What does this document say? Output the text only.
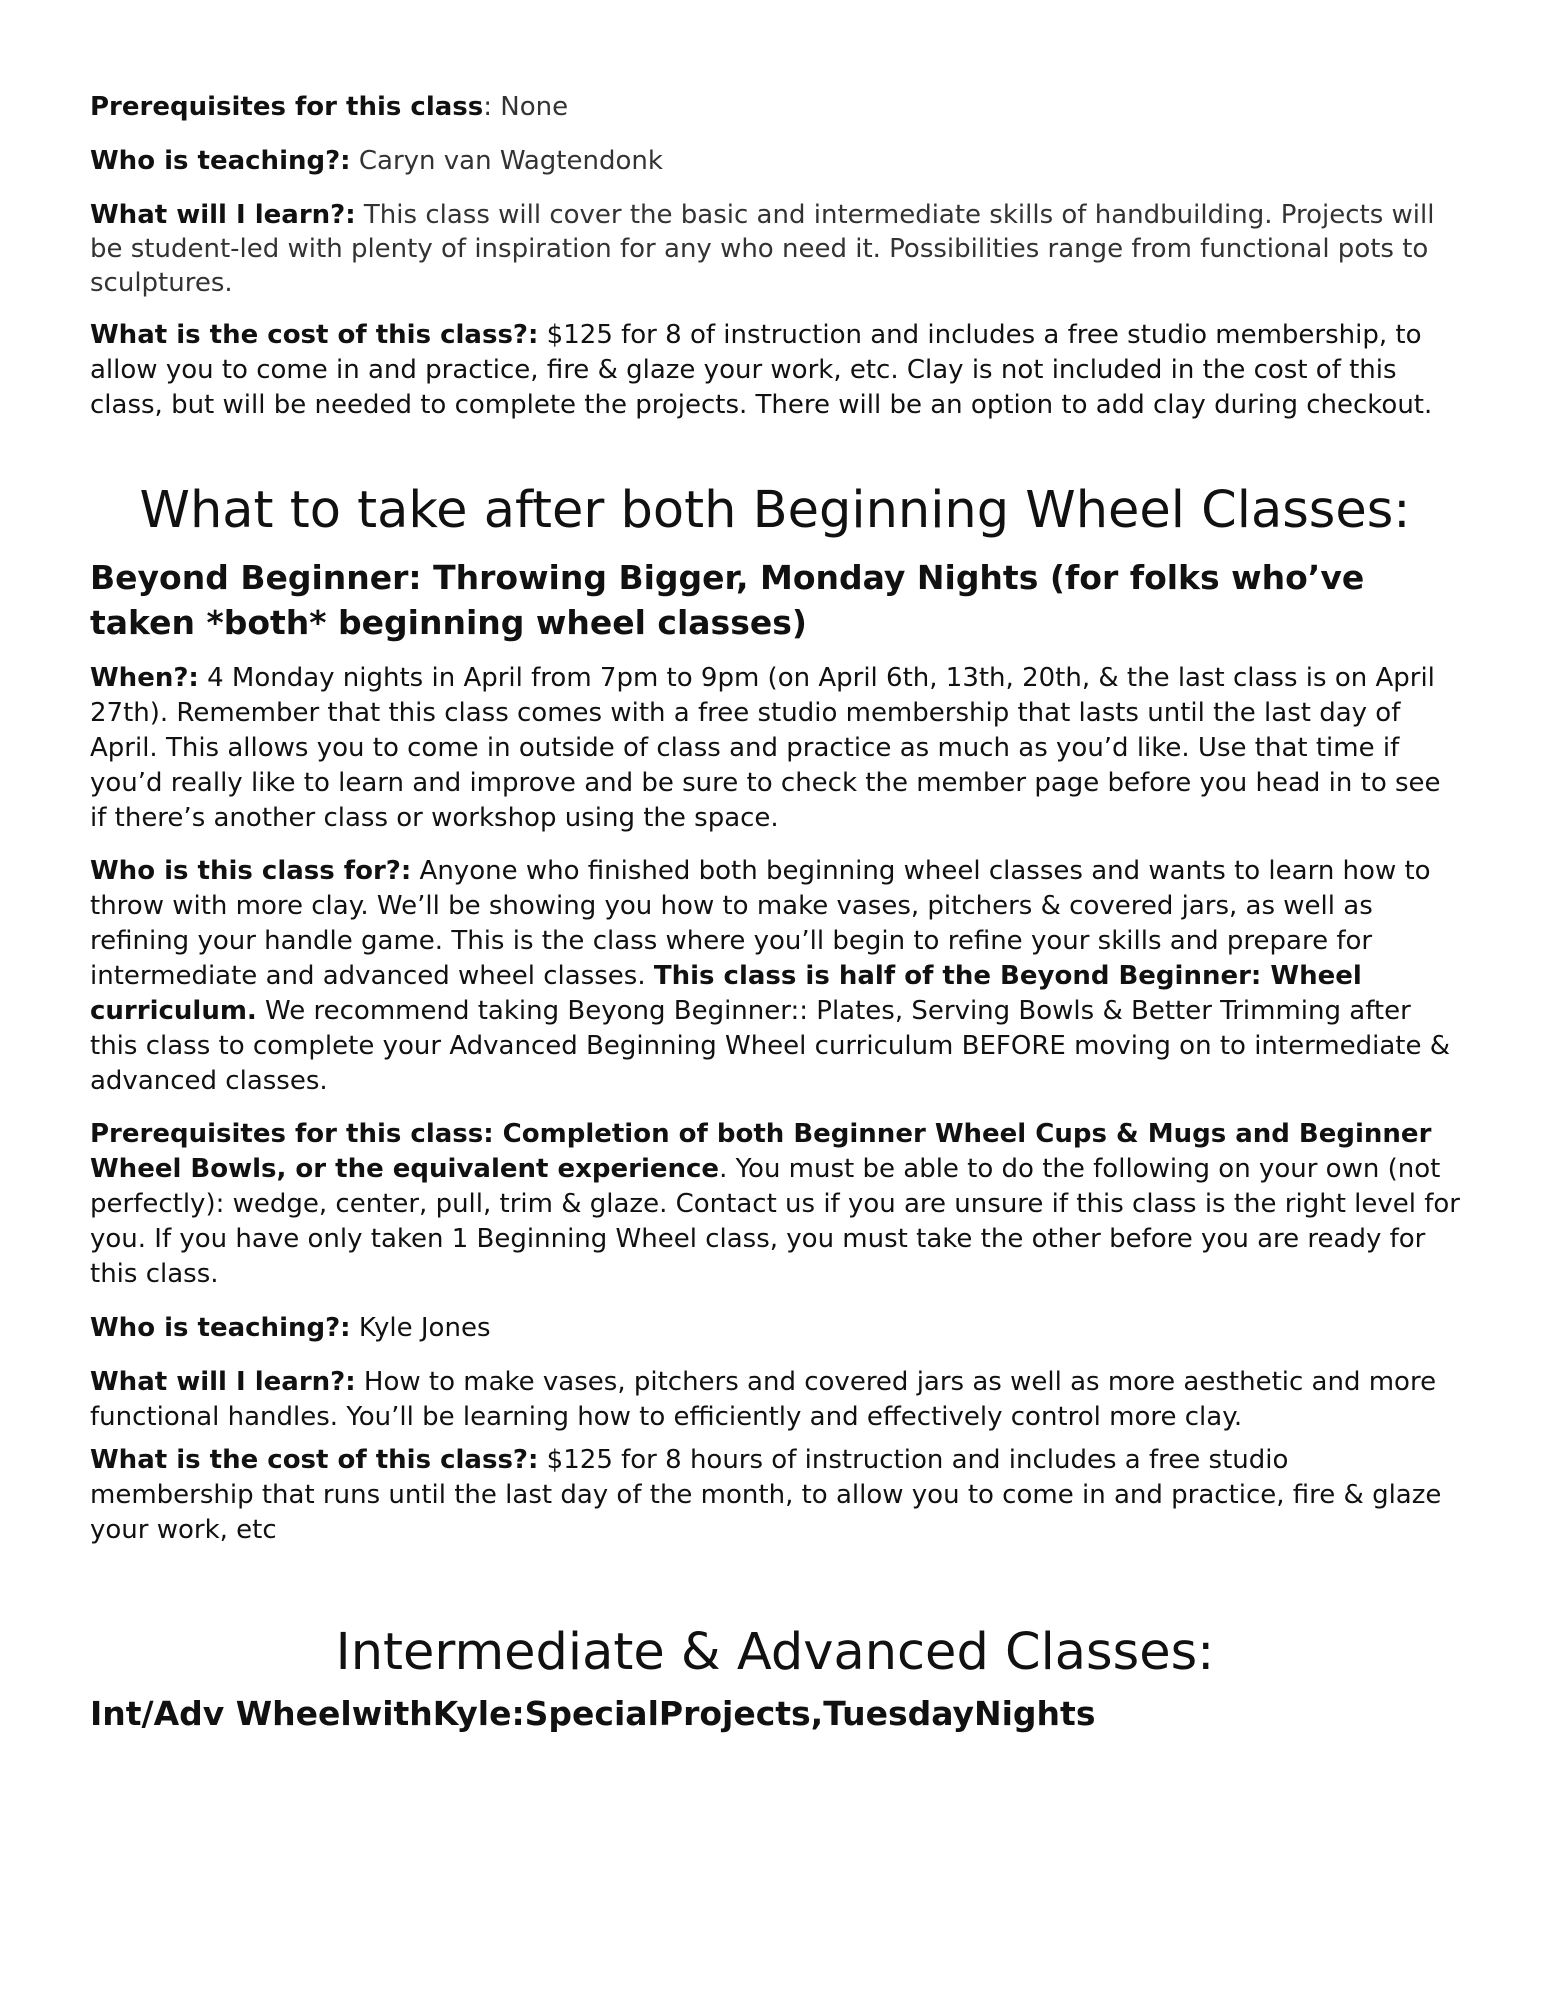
Prerequisites for this class: None

Who is teaching?: Caryn van Wagtendonk

What will I learn?: This class will cover the basic and intermediate skills of handbuilding. Projects will be student-led with plenty of inspiration for any who need it. Possibilities range from functional pots to sculptures.

What is the cost of this class?: $125 for 8 of instruction and includes a free studio membership, to allow you to come in and practice, fire & glaze your work, etc. Clay is not included in the cost of this class, but will be needed to complete the projects. There will be an option to add clay during checkout.

What to take after both Beginning Wheel Classes:
Beyond Beginner: Throwing Bigger, Monday Nights (for folks who’ve taken *both* beginning wheel classes)

When?: 4 Monday nights in April from 7pm to 9pm (on April 6th, 13th, 20th, & the last class is on April 27th). Remember that this class comes with a free studio membership that lasts until the last day of April. This allows you to come in outside of class and practice as much as you’d like. Use that time if you’d really like to learn and improve and be sure to check the member page before you head in to see if there’s another class or workshop using the space.

Who is this class for?: Anyone who finished both beginning wheel classes and wants to learn how to throw with more clay. We’ll be showing you how to make vases, pitchers & covered jars, as well as refining your handle game. This is the class where you’ll begin to refine your skills and prepare for intermediate and advanced wheel classes. This class is half of the Beyond Beginner: Wheel curriculum. We recommend taking Beyong Beginner:: Plates, Serving Bowls & Better Trimming after this class to complete your Advanced Beginning Wheel curriculum BEFORE moving on to intermediate & advanced classes.

Prerequisites for this class: Completion of both Beginner Wheel Cups & Mugs and Beginner Wheel Bowls, or the equivalent experience. You must be able to do the following on your own (not perfectly): wedge, center, pull, trim & glaze. Contact us if you are unsure if this class is the right level for you. If you have only taken 1 Beginning Wheel class, you must take the other before you are ready for this class.

Who is teaching?: Kyle Jones

What will I learn?: How to make vases, pitchers and covered jars as well as more aesthetic and more functional handles. You’ll be learning how to efficiently and effectively control more clay.

What is the cost of this class?: $125 for 8 hours of instruction and includes a free studio membership that runs until the last day of the month, to allow you to come in and practice, fire & glaze your work, etc

Intermediate & Advanced Classes:
Int/Adv WheelwithKyle:SpecialProjects,TuesdayNights
